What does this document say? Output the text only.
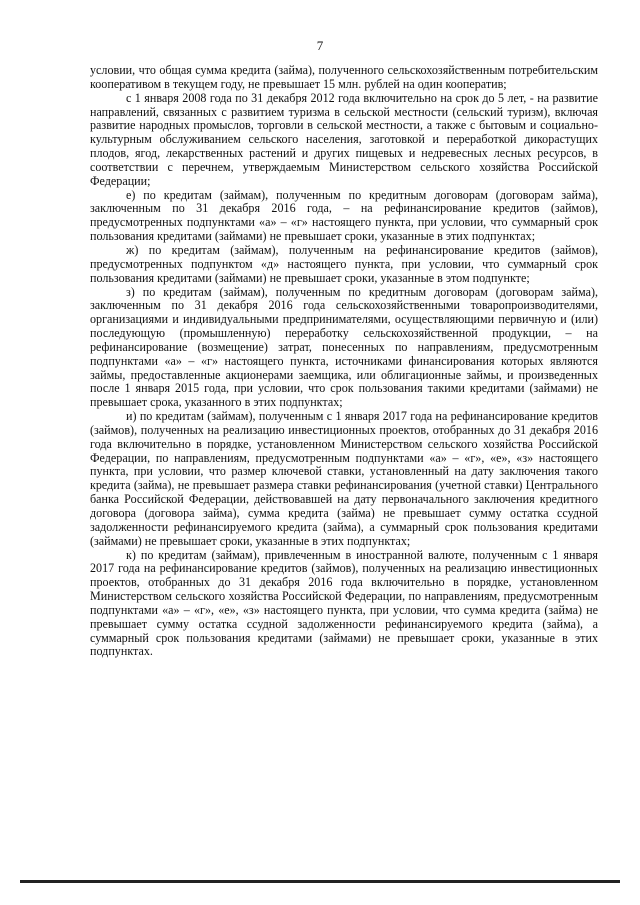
7

условии, что общая сумма кредита (займа), полученного сельскохозяйственным потребительским кооперативом в текущем году, не превышает 15 млн. рублей на один кооператив;

с 1 января 2008 года по 31 декабря 2012 года включительно на срок до 5 лет, - на развитие направлений, связанных с развитием туризма в сельской местности (сельский туризм), включая развитие народных промыслов, торговли в сельской местности, а также с бытовым и социально-культурным обслуживанием сельского населения, заготовкой и переработкой дикорастущих плодов, ягод, лекарственных растений и других пищевых и недревесных лесных ресурсов, в соответствии с перечнем, утверждаемым Министерством сельского хозяйства Российской Федерации;

е) по кредитам (займам), полученным по кредитным договорам (договорам займа), заключенным по 31 декабря 2016 года, – на рефинансирование кредитов (займов), предусмотренных подпунктами «а» – «г» настоящего пункта, при условии, что суммарный срок пользования кредитами (займами) не превышает сроки, указанные в этих подпунктах;

ж) по кредитам (займам), полученным на рефинансирование кредитов (займов), предусмотренных подпунктом «д» настоящего пункта, при условии, что суммарный срок пользования кредитами (займами) не превышает сроки, указанные в этом подпункте;

з) по кредитам (займам), полученным по кредитным договорам (договорам займа), заключенным по 31 декабря 2016 года сельскохозяйственными товаропроизводителями, организациями и индивидуальными предпринимателями, осуществляющими первичную и (или) последующую (промышленную) переработку сельскохозяйственной продукции, – на рефинансирование (возмещение) затрат, понесенных по направлениям, предусмотренным подпунктами «а» – «г» настоящего пункта, источниками финансирования которых являются займы, предоставленные акционерами заемщика, или облигационные займы, и произведенных после 1 января 2015 года, при условии, что срок пользования такими кредитами (займами) не превышает срока, указанного в этих подпунктах;

и) по кредитам (займам), полученным с 1 января 2017 года на рефинансирование кредитов (займов), полученных на реализацию инвестиционных проектов, отобранных до 31 декабря 2016 года включительно в порядке, установленном Министерством сельского хозяйства Российской Федерации, по направлениям, предусмотренным подпунктами «а» – «г», «е», «з» настоящего пункта, при условии, что размер ключевой ставки, установленный на дату заключения такого кредита (займа), не превышает размера ставки рефинансирования (учетной ставки) Центрального банка Российской Федерации, действовавшей на дату первоначального заключения кредитного договора (договора займа), сумма кредита (займа) не превышает сумму остатка ссудной задолженности рефинансируемого кредита (займа), а суммарный срок пользования кредитами (займами) не превышает сроки, указанные в этих подпунктах;

к) по кредитам (займам), привлеченным в иностранной валюте, полученным с 1 января 2017 года на рефинансирование кредитов (займов), полученных на реализацию инвестиционных проектов, отобранных до 31 декабря 2016 года включительно в порядке, установленном Министерством сельского хозяйства Российской Федерации, по направлениям, предусмотренным подпунктами «а» – «г», «е», «з» настоящего пункта, при условии, что сумма кредита (займа) не превышает сумму остатка ссудной задолженности рефинансируемого кредита (займа), а суммарный срок пользования кредитами (займами) не превышает сроки, указанные в этих подпунктах.
